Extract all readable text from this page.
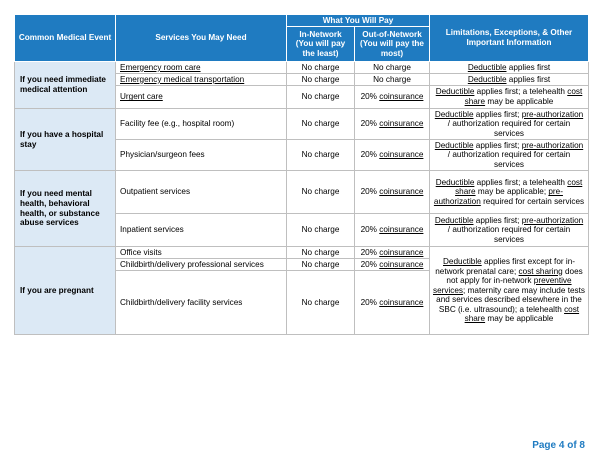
Common Medical Event	Services You May Need	What You Will Pay		Limitations, Exceptions, & Other Important Information
		In-Network (You will pay the least)	Out-of-Network (You will pay the most)	
If you need immediate medical attention	Emergency room care	No charge	No charge	Deductible applies first
	Emergency medical transportation	No charge	No charge	Deductible applies first
	Urgent care	No charge	20% coinsurance	Deductible applies first; a telehealth cost share may be applicable
If you have a hospital stay	Facility fee (e.g., hospital room)	No charge	20% coinsurance	Deductible applies first; pre-authorization / authorization required for certain services
	Physician/surgeon fees	No charge	20% coinsurance	Deductible applies first; pre-authorization / authorization required for certain services
If you need mental health, behavioral health, or substance abuse services	Outpatient services	No charge	20% coinsurance	Deductible applies first; a telehealth cost share may be applicable; pre-authorization required for certain services
	Inpatient services	No charge	20% coinsurance	Deductible applies first; pre-authorization / authorization required for certain services
If you are pregnant	Office visits	No charge	20% coinsurance	Deductible applies first except for in-network prenatal care; cost sharing does not apply for in-network preventive services; maternity care may include tests and services described elsewhere in the SBC (i.e. ultrasound); a telehealth cost share may be applicable
	Childbirth/delivery professional services	No charge	20% coinsurance	
	Childbirth/delivery facility services	No charge	20% coinsurance	
Page 4 of 8
